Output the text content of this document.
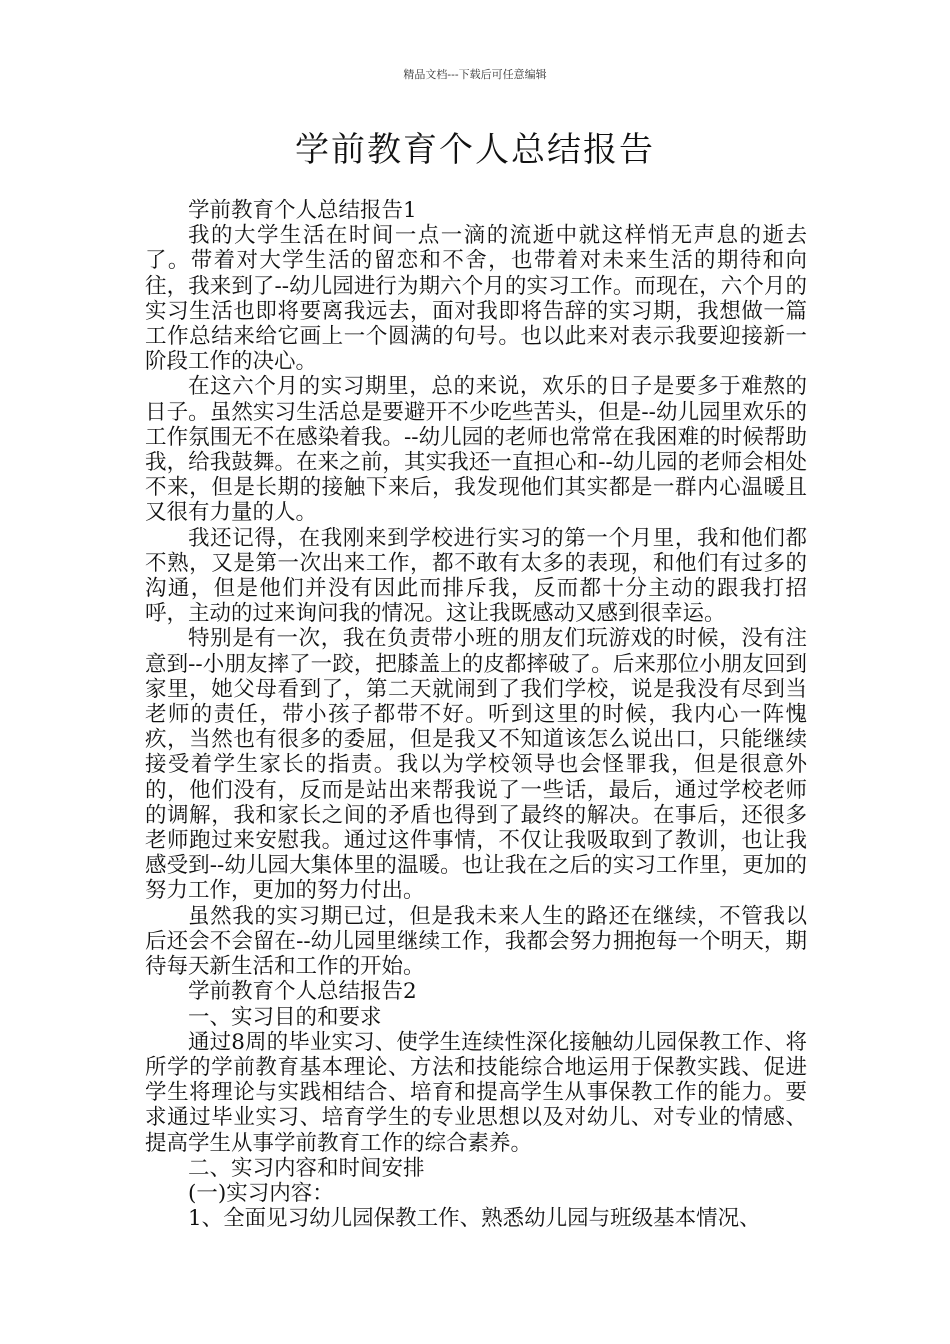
精品文档---下载后可任意编辑
学前教育个人总结报告

学前教育个人总结报告1

我的大学生活在时间一点一滴的流逝中就这样悄无声息的逝去了。带着对大学生活的留恋和不舍，也带着对未来生活的期待和向往，我来到了--幼儿园进行为期六个月的实习工作。而现在，六个月的实习生活也即将要离我远去，面对我即将告辞的实习期，我想做一篇工作总结来给它画上一个圆满的句号。也以此来对表示我要迎接新一阶段工作的决心。

在这六个月的实习期里，总的来说，欢乐的日子是要多于难熬的日子。虽然实习生活总是要避开不少吃些苦头，但是--幼儿园里欢乐的工作氛围无不在感染着我。--幼儿园的老师也常常在我困难的时候帮助我，给我鼓舞。在来之前，其实我还一直担心和--幼儿园的老师会相处不来，但是长期的接触下来后，我发现他们其实都是一群内心温暖且又很有力量的人。

我还记得，在我刚来到学校进行实习的第一个月里，我和他们都不熟，又是第一次出来工作，都不敢有太多的表现，和他们有过多的沟通，但是他们并没有因此而排斥我，反而都十分主动的跟我打招呼，主动的过来询问我的情况。这让我既感动又感到很幸运。

特别是有一次，我在负责带小班的朋友们玩游戏的时候，没有注意到--小朋友摔了一跤，把膝盖上的皮都摔破了。后来那位小朋友回到家里，她父母看到了，第二天就闹到了我们学校，说是我没有尽到当老师的责任，带小孩子都带不好。听到这里的时候，我内心一阵愧疚，当然也有很多的委屈，但是我又不知道该怎么说出口，只能继续接受着学生家长的指责。我以为学校领导也会怪罪我，但是很意外的，他们没有，反而是站出来帮我说了一些话，最后，通过学校老师的调解，我和家长之间的矛盾也得到了最终的解决。在事后，还很多老师跑过来安慰我。通过这件事情，不仅让我吸取到了教训，也让我感受到--幼儿园大集体里的温暖。也让我在之后的实习工作里，更加的努力工作，更加的努力付出。

虽然我的实习期已过，但是我未来人生的路还在继续，不管我以后还会不会留在--幼儿园里继续工作，我都会努力拥抱每一个明天，期待每天新生活和工作的开始。

学前教育个人总结报告2

一、实习目的和要求

通过8周的毕业实习、使学生连续性深化接触幼儿园保教工作、将所学的学前教育基本理论、方法和技能综合地运用于保教实践、促进学生将理论与实践相结合、培育和提高学生从事保教工作的能力。要求通过毕业实习、培育学生的专业思想以及对幼儿、对专业的情感、提高学生从事学前教育工作的综合素养。

二、实习内容和时间安排

(一)实习内容：

1、全面见习幼儿园保教工作、熟悉幼儿园与班级基本情况、
